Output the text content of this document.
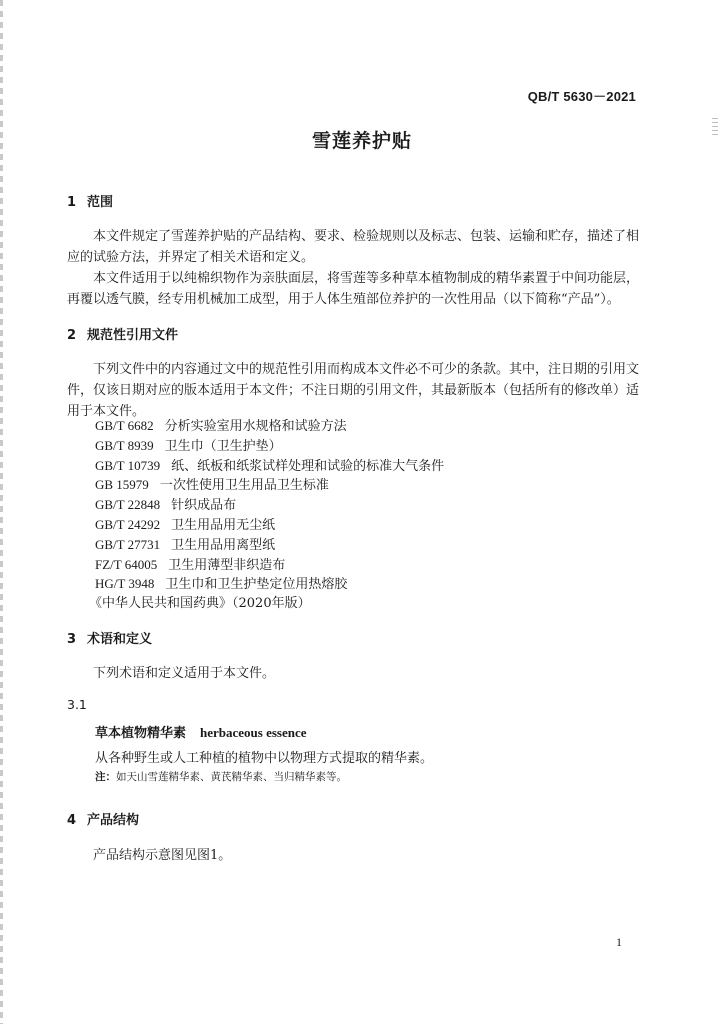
QB/T 5630－2021
雪莲养护贴
1 范围
本文件规定了雪莲养护贴的产品结构、要求、检验规则以及标志、包装、运输和贮存，描述了相应的试验方法，并界定了相关术语和定义。
本文件适用于以纯棉织物作为亲肤面层，将雪莲等多种草本植物制成的精华素置于中间功能层，再覆以透气膜，经专用机械加工成型，用于人体生殖部位养护的一次性用品（以下简称“产品”）。
2 规范性引用文件
下列文件中的内容通过文中的规范性引用而构成本文件必不可少的条款。其中，注日期的引用文件，仅该日期对应的版本适用于本文件；不注日期的引用文件，其最新版本（包括所有的修改单）适用于本文件。
GB/T 6682 分析实验室用水规格和试验方法
GB/T 8939 卫生巾（卫生护垫）
GB/T 10739 纸、纸板和纸浆试样处理和试验的标准大气条件
GB 15979 一次性使用卫生用品卫生标准
GB/T 22848 针织成品布
GB/T 24292 卫生用品用无尘纸
GB/T 27731 卫生用品用离型纸
FZ/T 64005 卫生用薄型非织造布
HG/T 3948 卫生巾和卫生护垫定位用热熔胶
《中华人民共和国药典》（2020年版）
3 术语和定义
下列术语和定义适用于本文件。
3.1
草本植物精华素 herbaceous essence
从各种野生或人工种植的植物中以物理方式提取的精华素。
注：如天山雪莲精华素、黄芪精华素、当归精华素等。
4 产品结构
产品结构示意图见图1。
1
